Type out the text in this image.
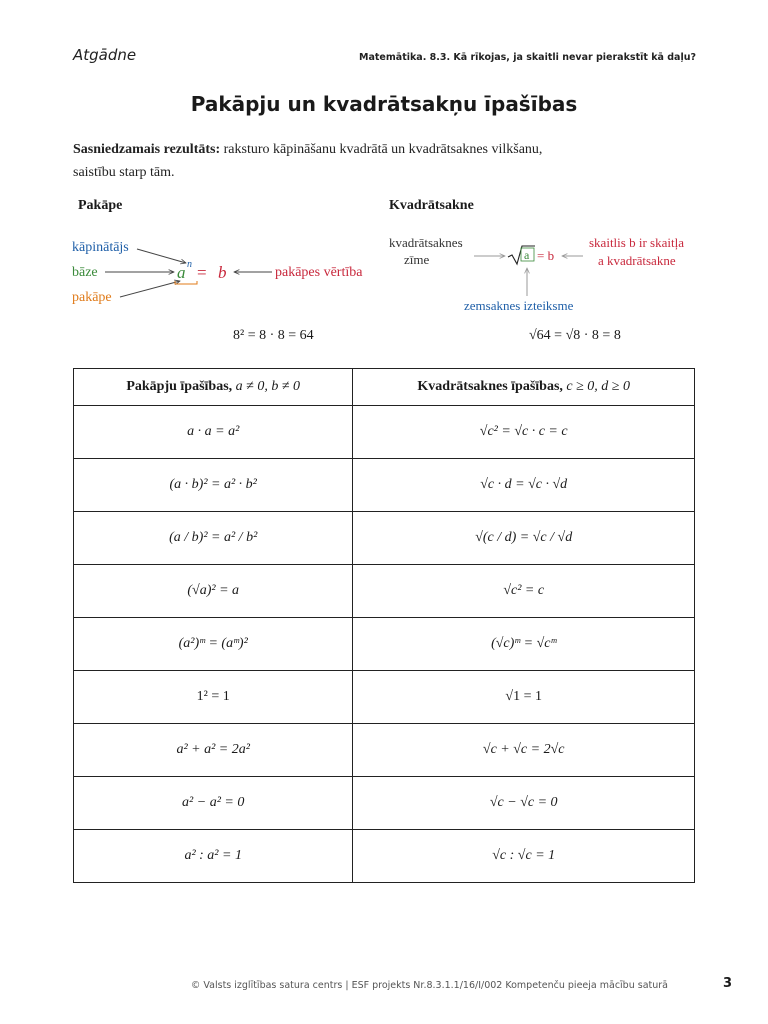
Atgādne	Matemātika. 8.3. Kā rīkojas, ja skaitli nevar pierakstīt kā daļu?
Pakāpju un kvadrātsakņu īpašības
Sasniedzamais rezultāts: raksturo kāpināšanu kvadrātā un kvadrātsaknes vilkšanu,
saistību starp tām.
Pakāpe	Kvadrātsakne
kāpinātājs
bāze
pakāpe
a n = b	pakāpes vērtība
kvadrātsaknes
zīme	a = b
skaitlis b ir skaitļa
a kvadrātsakne
zemsaknes izteiksme
8² = 8 · 8 = 64	√64 = √8 · 8 = 8
Pakāpju īpašības, a ≠ 0, b ≠ 0	Kvadrātsaknes īpašības, c ≥ 0, d ≥ 0
a · a = a²	√c² = √c · c = c
(a · b)² = a² · b²	√c · d = √c · √d
(a / b)² = a² / b²	√(c / d) = √c / √d
(√a)² = a	√c² = c
(a²)ᵐ = (aᵐ)²	(√c)ᵐ = √cᵐ
1² = 1	√1 = 1
a² + a² = 2a²	√c + √c = 2√c
a² − a² = 0	√c − √c = 0
a² : a² = 1	√c : √c = 1
© Valsts izglītības satura centrs | ESF projekts Nr.8.3.1.1/16/I/002 Kompetenču pieeja mācību saturā	3
